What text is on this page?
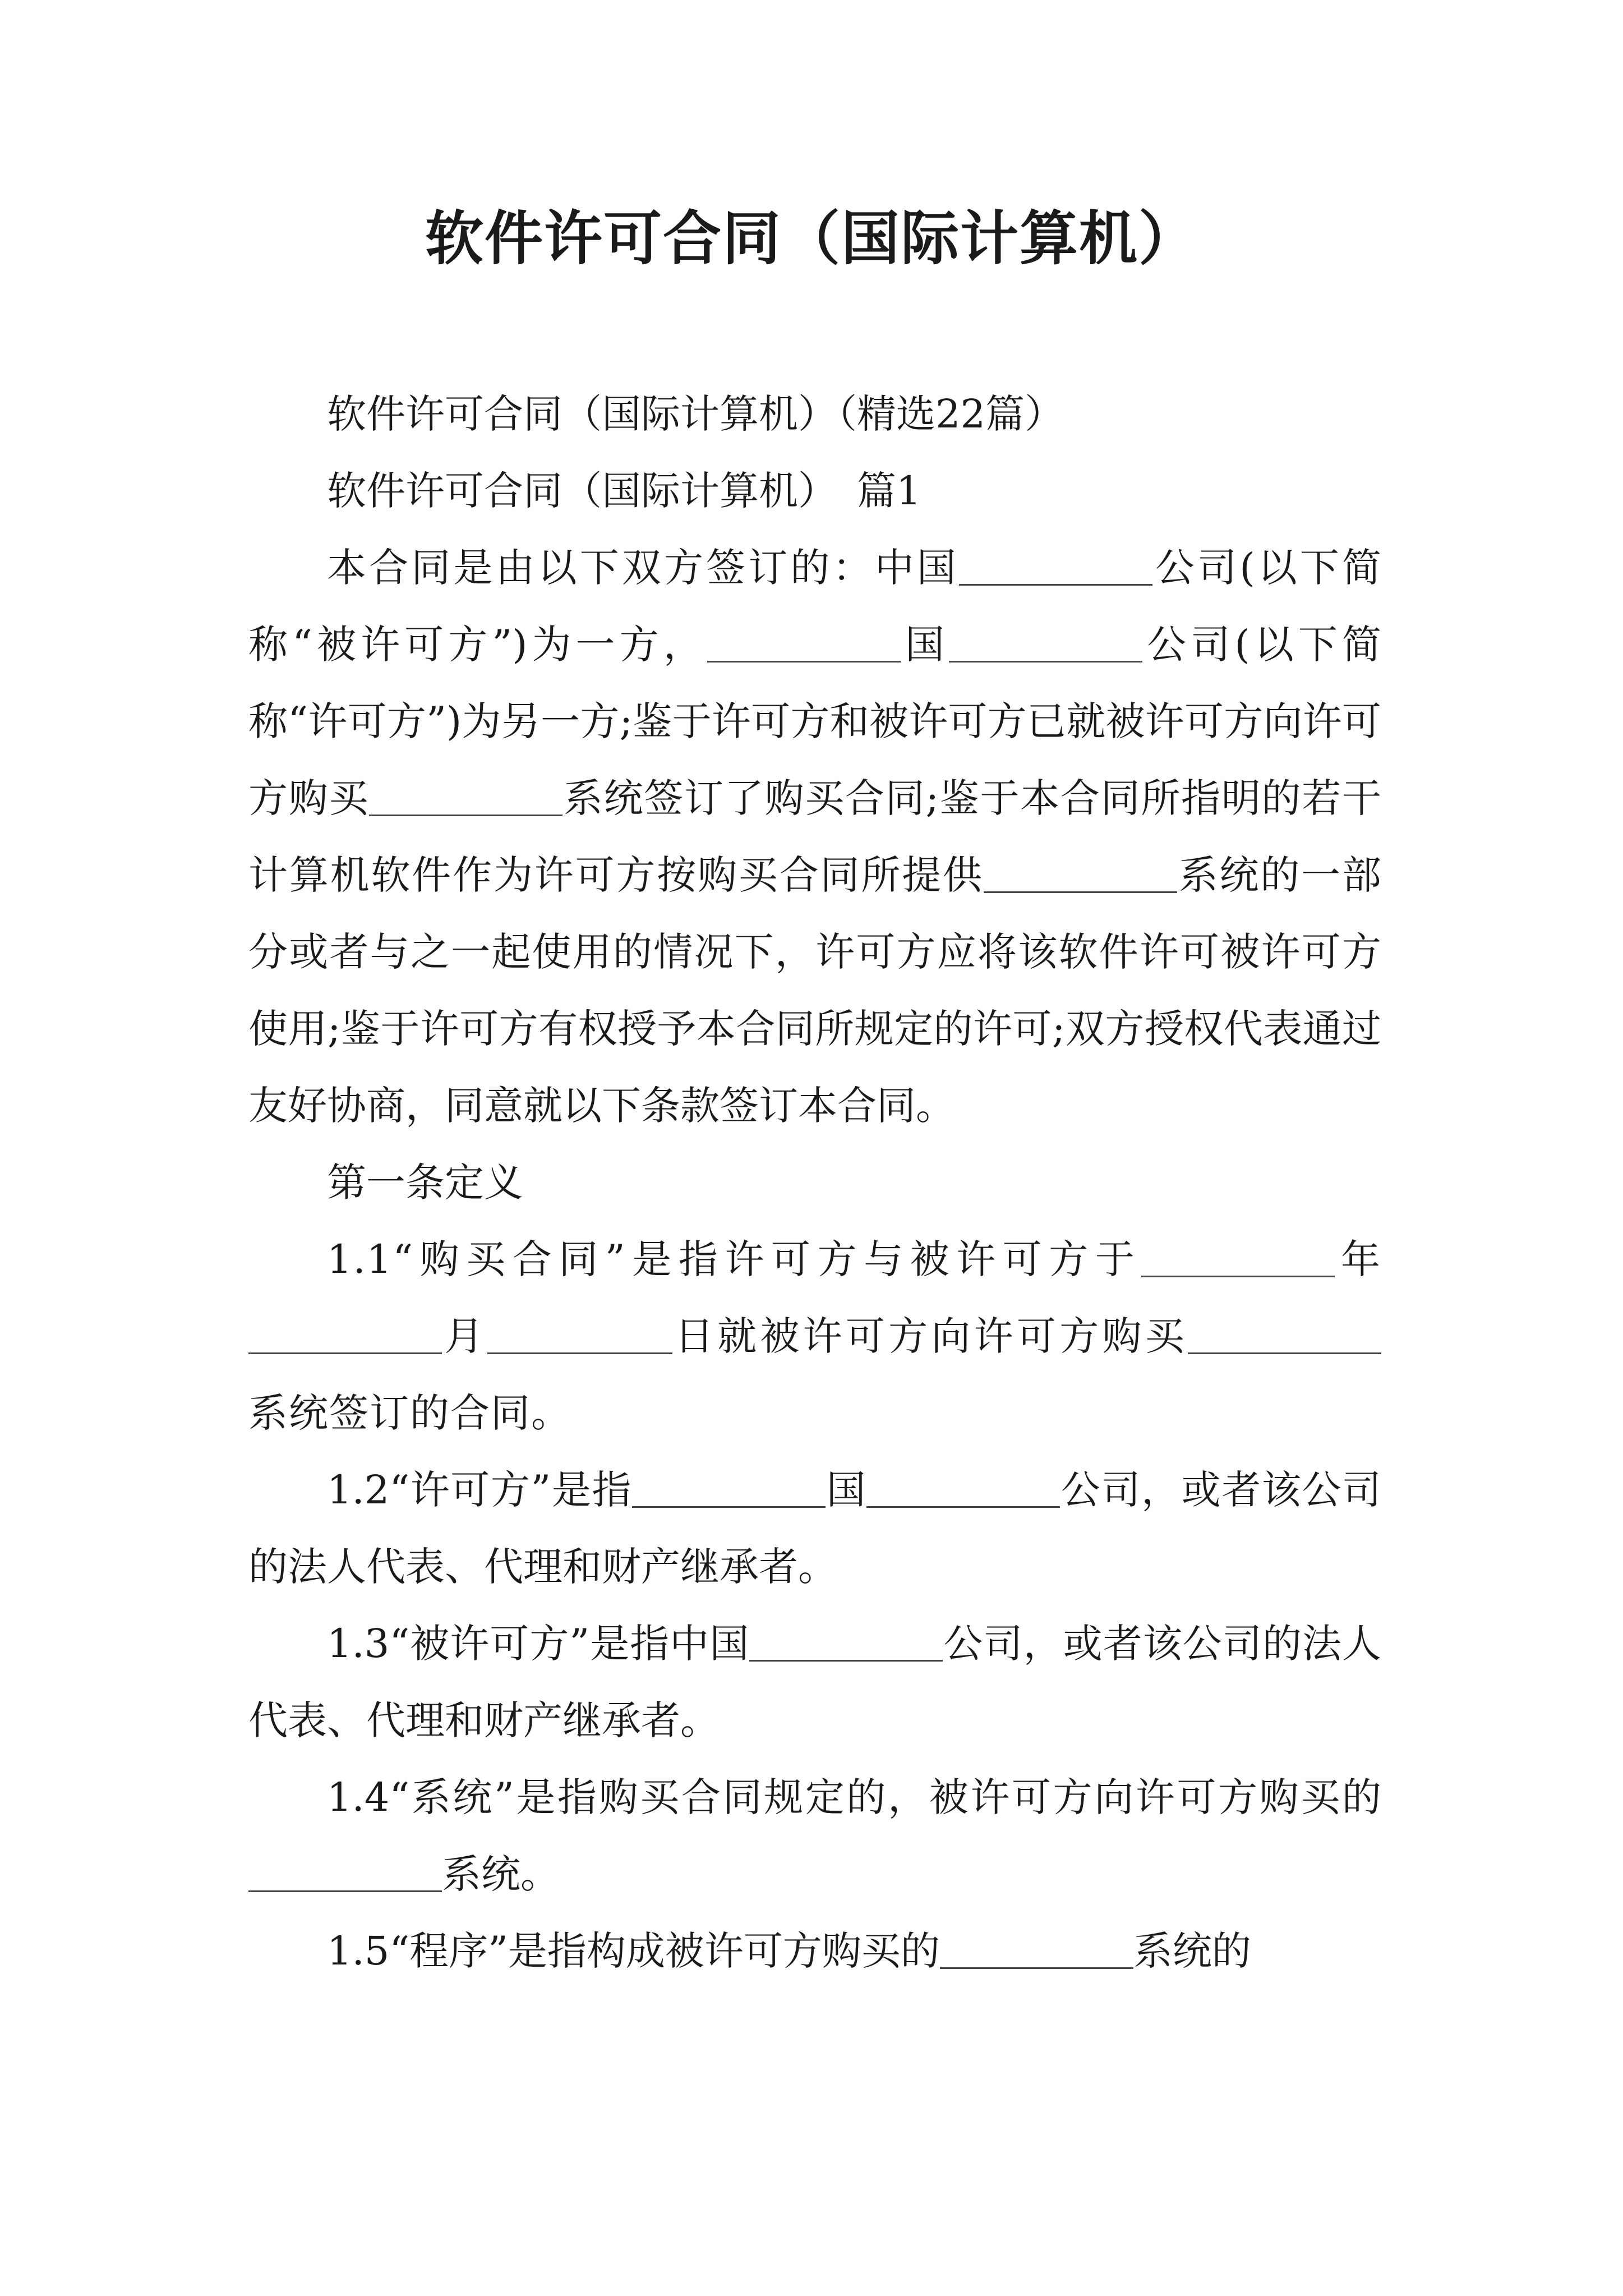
软件许可合同（国际计算机）

软件许可合同（国际计算机）（精选22篇）

软件许可合同（国际计算机）　篇1

本合同是由以下双方签订的：中国	公司(以下简称“被许可方”)为一方，	国	公司(以下简称“许可方”)为另一方;鉴于许可方和被许可方已就被许可方向许可方购买	系统签订了购买合同;鉴于本合同所指明的若干计算机软件作为许可方按购买合同所提供	系统的一部分或者与之一起使用的情况下，许可方应将该软件许可被许可方使用;鉴于许可方有权授予本合同所规定的许可;双方授权代表通过友好协商，同意就以下条款签订本合同。

第一条定义

1.1“购买合同”是指许可方与被许可方于	年月	日就被许可方向许可方购买系统签订的合同。

1.2“许可方”是指	国	公司，或者该公司的法人代表、代理和财产继承者。

1.3“被许可方”是指中国	公司，或者该公司的法人代表、代理和财产继承者。

1.4“系统”是指购买合同规定的，被许可方向许可方购买的系统。

1.5“程序”是指构成被许可方购买的	系统的
